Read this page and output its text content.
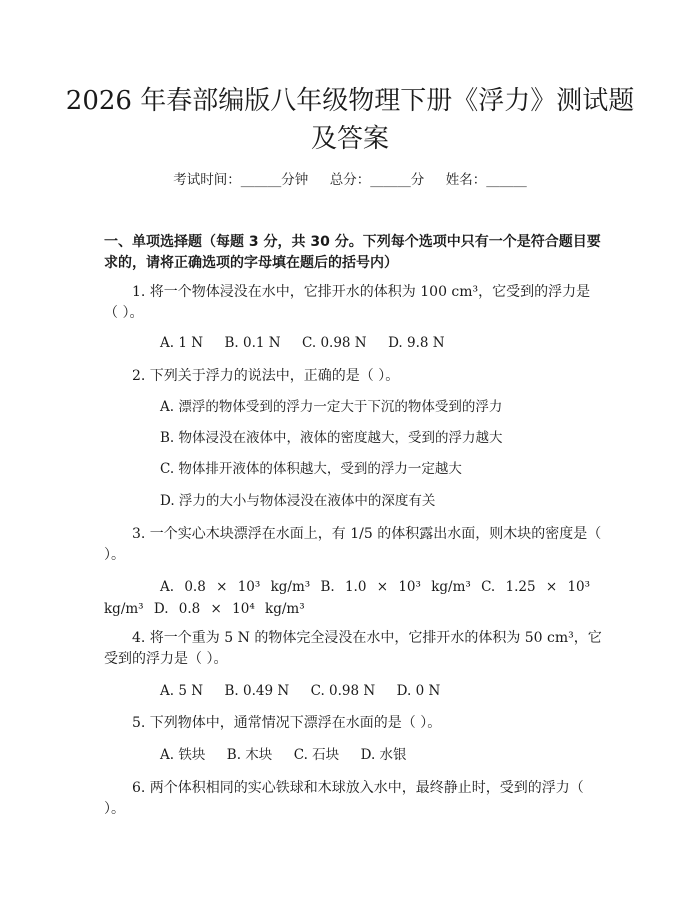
2026 年春部编版八年级物理下册《浮力》测试题及答案
考试时间：______分钟     总分：______分     姓名：______
一、单项选择题（每题 3 分，共 30 分。下列每个选项中只有一个是符合题目要求的，请将正确选项的字母填在题后的括号内）
1. 将一个物体浸没在水中，它排开水的体积为 100 cm³，它受到的浮力是（ ）。
A. 1 N     B. 0.1 N     C. 0.98 N     D. 9.8 N
2. 下列关于浮力的说法中，正确的是（ ）。
A. 漂浮的物体受到的浮力一定大于下沉的物体受到的浮力
B. 物体浸没在液体中，液体的密度越大，受到的浮力越大
C. 物体排开液体的体积越大，受到的浮力一定越大
D. 浮力的大小与物体浸没在液体中的深度有关
3. 一个实心木块漂浮在水面上，有 1/5 的体积露出水面，则木块的密度是（ ）。
A. 0.8 × 10³ kg/m³ B. 1.0 × 10³ kg/m³ C. 1.25 × 10³ kg/m³ D. 0.8 × 10⁴ kg/m³
4. 将一个重为 5 N 的物体完全浸没在水中，它排开水的体积为 50 cm³，它受到的浮力是（ ）。
A. 5 N     B. 0.49 N     C. 0.98 N     D. 0 N
5. 下列物体中，通常情况下漂浮在水面的是（ ）。
A. 铁块     B. 木块     C. 石块     D. 水银
6. 两个体积相同的实心铁球和木球放入水中，最终静止时，受到的浮力（ ）。
